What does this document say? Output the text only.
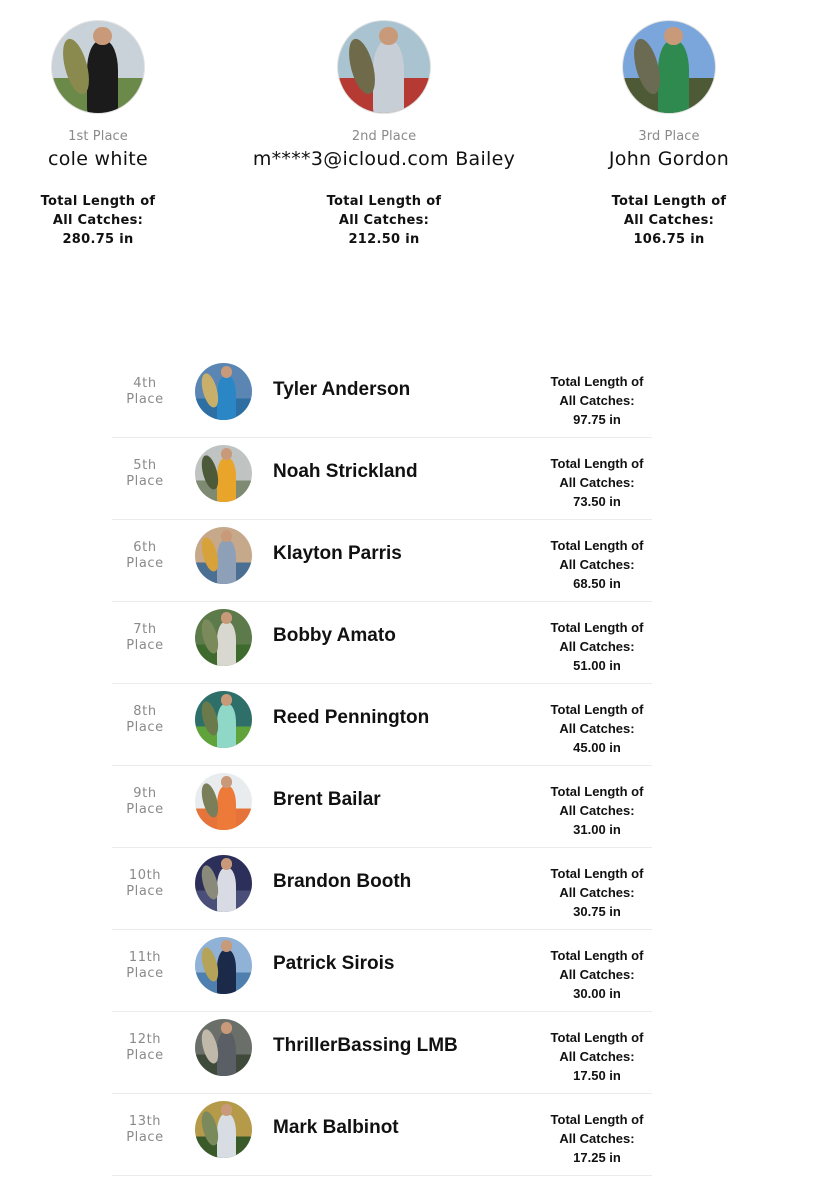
1st Place
cole white
Total Length of
All Catches:
280.75 in
2nd Place
m****3@icloud.com Bailey
Total Length of
All Catches:
212.50 in
3rd Place
John Gordon
Total Length of
All Catches:
106.75 in
4th
Place	Tyler Anderson	Total Length of
All Catches:
97.75 in
5th
Place	Noah Strickland	Total Length of
All Catches:
73.50 in
6th
Place	Klayton Parris	Total Length of
All Catches:
68.50 in
7th
Place	Bobby Amato	Total Length of
All Catches:
51.00 in
8th
Place	Reed Pennington	Total Length of
All Catches:
45.00 in
9th
Place	Brent Bailar	Total Length of
All Catches:
31.00 in
10th
Place	Brandon Booth	Total Length of
All Catches:
30.75 in
11th
Place	Patrick Sirois	Total Length of
All Catches:
30.00 in
12th
Place	ThrillerBassing LMB	Total Length of
All Catches:
17.50 in
13th
Place	Mark Balbinot	Total Length of
All Catches:
17.25 in
